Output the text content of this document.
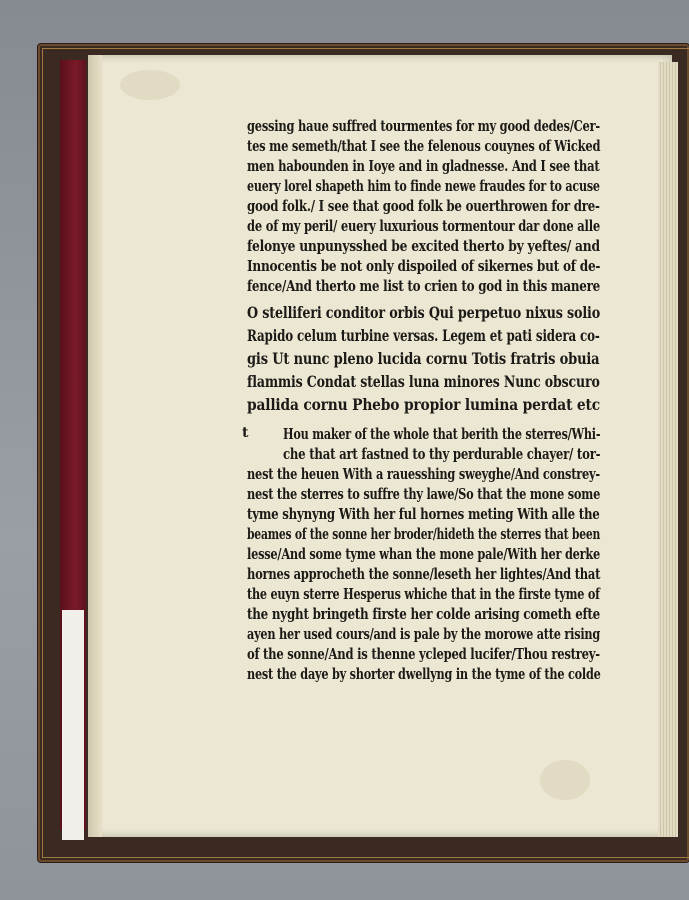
gessing haue suffred tourmentes for my good dedes/Cer-
tes me semeth/that I see the felenous couynes of Wicked
men habounden in Ioye and in gladnesse. And I see that
euery lorel shapeth him to finde newe fraudes for to acuse
good folk./ I see that good folk be ouerthrowen for dre-
de of my peril/ euery luxurious tormentour dar done alle
felonye unpunysshed be excited therto by yeftes/ and
Innocentis be not only dispoiled of sikernes but of de-
fence/And therto me list to crien to god in this manere
O stelliferi conditor orbis Qui perpetuo nixus solio
Rapido celum turbine versas. Legem et pati sidera co-
gis Ut nunc pleno lucida cornu Totis fratris obuia
flammis Condat stellas luna minores Nunc obscuro
pallida cornu Phebo propior lumina perdat etc
t Hou maker of the whole that berith the sterres/Whi-
che that art fastned to thy perdurable chayer/ tor-
nest the heuen With a rauesshing sweyghe/And constrey-
nest the sterres to suffre thy lawe/So that the mone some
tyme shynyng With her ful hornes meting With alle the
beames of the sonne her broder/hideth the sterres that been
lesse/And some tyme whan the mone pale/With her derke
hornes approcheth the sonne/leseth her lightes/And that
the euyn sterre Hesperus whiche that in the firste tyme of
the nyght bringeth firste her colde arising cometh efte
ayen her used cours/and is pale by the morowe atte rising
of the sonne/And is thenne ycleped lucifer/Thou restrey-
nest the daye by shorter dwellyng in the tyme of the colde
